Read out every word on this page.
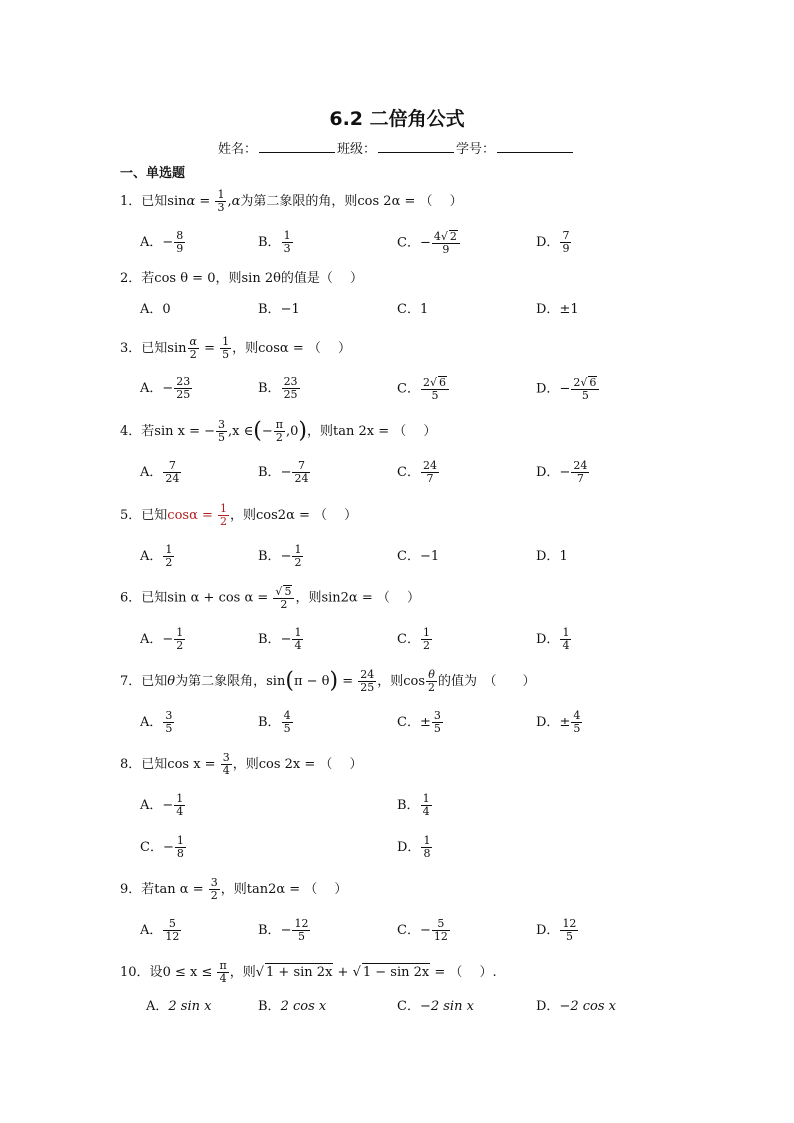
6.2 二倍角公式
姓名：	班级：	学号：
一、单选题
1．已知$\sin\alpha = \frac{1}{3} ,\alpha$为第二象限的角，则cos 2α = （　 ）
A．− $\frac{8}{9}$	B． $\frac{1}{3}$	C．− $\frac{4√ 2}{9}$	D． $\frac{7}{9}$
2．若cos θ = 0，则sin 2θ的值是（　 ）
A．0	B．−1	C．1	D．±1
3．已知$\sin \frac{\alpha}{2} = \frac{1}{5}$ ，则cosα = （　 ）
A．− $\frac{23}{25}$	B． $\frac{23}{25}$	C． $\frac{2√ 6}{5}$	D．− $\frac{2√ 6}{5}$
4．若sin x = − $\frac{3}{5} ,x$ ∈(− $\frac{\pi}{2} ,0$)，则tan 2x = （　 ）
A． $\frac{7}{24}$	B．− $\frac{7}{24}$	C． $\frac{24}{7}$	D．− $\frac{24}{7}$
5．已知$\cos\alpha = \frac{1}{2}$ ，则cos2α = （　 ）
A． $\frac{1}{2}$	B．− $\frac{1}{2}$	C．−1	D．1
6．已知$\sin \alpha + \cos \alpha = \frac{√ 5}{2}$ ，则sin2α = （　 ）
A．− $\frac{1}{2}$	B．− $\frac{1}{4}$	C． $\frac{1}{2}$	D． $\frac{1}{4}$
7．已知θ为第二象限角，$\sin(\pi - \theta) = \frac{24}{25}$ ，则$\cos \frac{\theta}{2}$ 的值为　（　　）
A． $\frac{3}{5}$	B． $\frac{4}{5}$	C．± $\frac{3}{5}$	D．± $\frac{4}{5}$
8．已知$\cos x = \frac{3}{4}$ ，则cos 2x = （　 ）
A．− $\frac{1}{4}$	B． $\frac{1}{4}$
C．− $\frac{1}{8}$	D． $\frac{1}{8}$
9．若$\tan \alpha = \frac{3}{2}$ ，则tan2α = （　 ）
A． $\frac{5}{12}$	B．− $\frac{12}{5}$	C．− $\frac{5}{12}$	D． $\frac{12}{5}$
10．设$0 \le x \le \frac{\pi}{4}$ ，则√ 1 + sin 2x + √ 1 − sin 2x = （　 ）.
A．2 sin x	B．2 cos x	C．−2 sin x	D．−2 cos x
